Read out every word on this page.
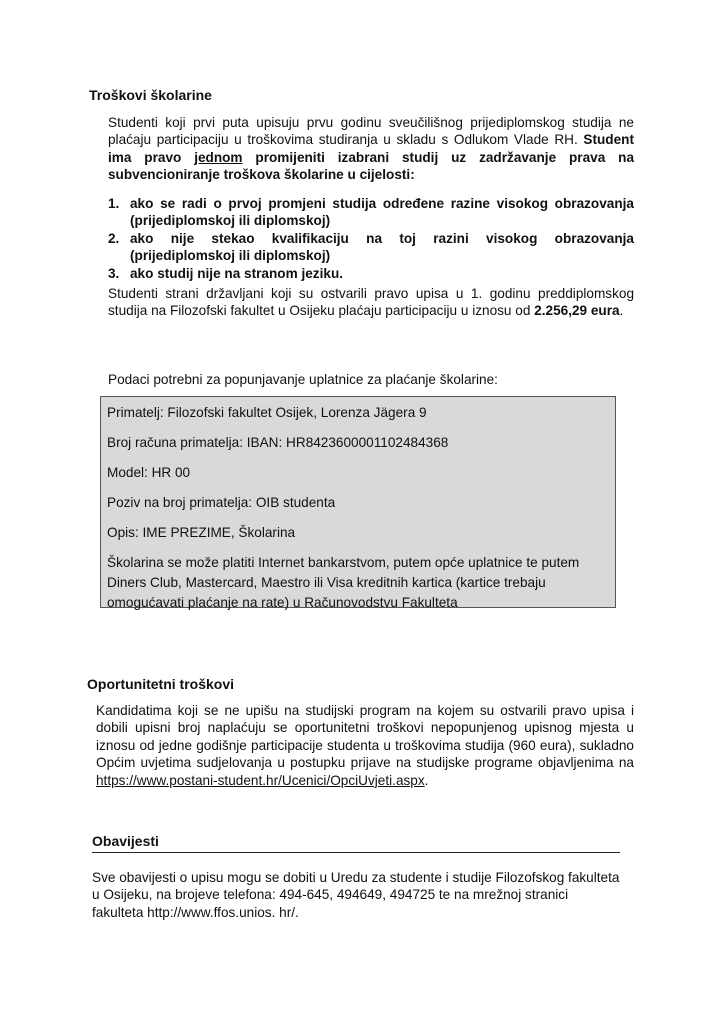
Troškovi školarine

Studenti koji prvi puta upisuju prvu godinu sveučilišnog prijediplomskog studija ne plaćaju participaciju u troškovima studiranja u skladu s Odlukom Vlade RH. Student ima pravo jednom promijeniti izabrani studij uz zadržavanje prava na subvencioniranje troškova školarine u cijelosti:

1. ako se radi o prvoj promjeni studija određene razine visokog obrazovanja (prijediplomskoj ili diplomskoj)
2. ako nije stekao kvalifikaciju na toj razini visokog obrazovanja (prijediplomskoj ili diplomskoj)
3. ako studij nije na stranom jeziku.

Studenti strani državljani koji su ostvarili pravo upisa u 1. godinu preddiplomskog studija na Filozofski fakultet u Osijeku plaćaju participaciju u iznosu od 2.256,29 eura.

Podaci potrebni za popunjavanje uplatnice za plaćanje školarine:

Primatelj: Filozofski fakultet Osijek, Lorenza Jägera 9
Broj računa primatelja: IBAN: HR8423600001102484368
Model: HR 00
Poziv na broj primatelja: OIB studenta
Opis: IME PREZIME, Školarina
Školarina se može platiti Internet bankarstvom, putem opće uplatnice te putem Diners Club, Mastercard, Maestro ili Visa kreditnih kartica (kartice trebaju omogućavati plaćanje na rate) u Računovodstvu Fakulteta
Oportunitetni troškovi

Kandidatima koji se ne upišu na studijski program na kojem su ostvarili pravo upisa i dobili upisni broj naplaćuju se oportunitetni troškovi nepopunjenog upisnog mjesta u iznosu od jedne godišnje participacije studenta u troškovima studija (960 eura), sukladno Općim uvjetima sudjelovanja u postupku prijave na studijske programe objavljenima na https://www.postani-student.hr/Ucenici/OpciUvjeti.aspx.

Obavijesti

Sve obavijesti o upisu mogu se dobiti u Uredu za studente i studije Filozofskog fakulteta u Osijeku, na brojeve telefona: 494-645, 494649, 494725 te na mrežnoj stranici fakulteta http://www.ffos.unios. hr/.
